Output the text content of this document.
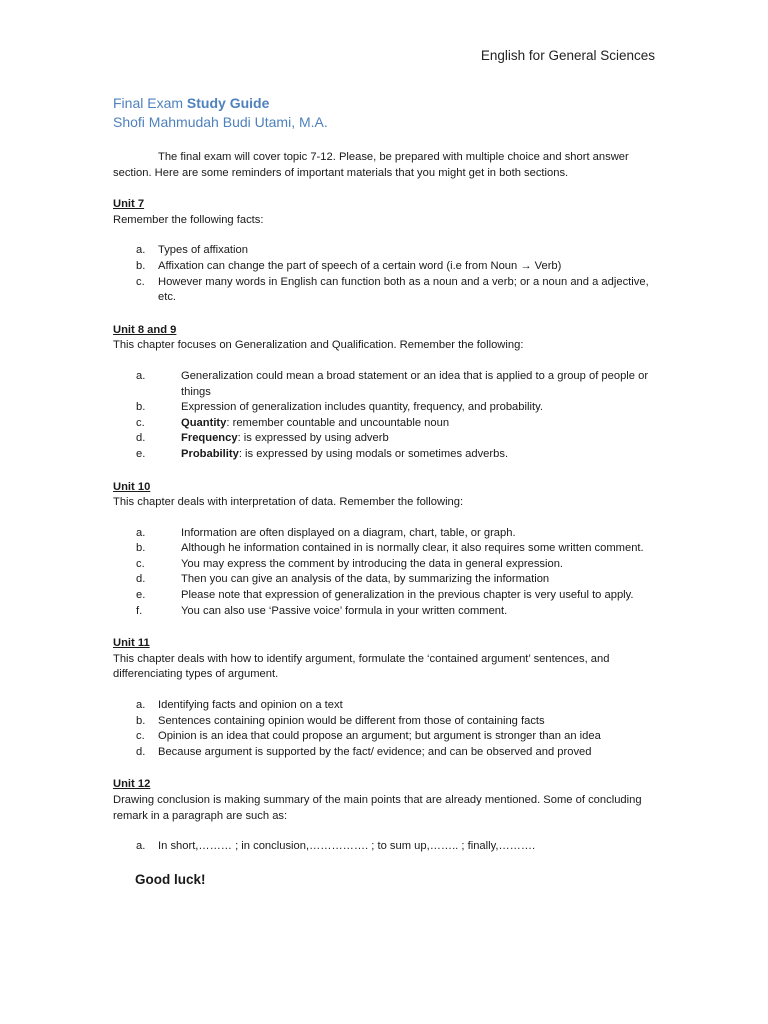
English for General Sciences
Final Exam Study Guide
Shofi Mahmudah Budi Utami, M.A.

The final exam will cover topic 7-12. Please, be prepared with multiple choice and short answer section. Here are some reminders of important materials that you might get in both sections.

Unit 7

Remember the following facts:

a.	Types of affixation
b.	Affixation can change the part of speech of a certain word (i.e from Noun → Verb)
c.	However many words in English can function both as a noun and a verb; or a noun and a adjective, etc.

Unit 8 and 9

This chapter focuses on Generalization and Qualification. Remember the following:

a.	Generalization could mean a broad statement or an idea that is applied to a group of people or things
b.	Expression of generalization includes quantity, frequency, and probability.
c.	Quantity: remember countable and uncountable noun
d.	Frequency: is expressed by using adverb
e.	Probability: is expressed by using modals or sometimes adverbs.

Unit 10

This chapter deals with interpretation of data. Remember the following:

a.	Information are often displayed on a diagram, chart, table, or graph.
b.	Although he information contained in is normally clear, it also requires some written comment.
c.	You may express the comment by introducing the data in general expression.
d.	Then you can give an analysis of the data, by summarizing the information
e.	Please note that expression of generalization in the previous chapter is very useful to apply.
f.	You can also use ‘Passive voice’ formula in your written comment.

Unit 11

This chapter deals with how to identify argument, formulate the ‘contained argument’ sentences, and differenciating types of argument.

a.	Identifying facts and opinion on a text
b.	Sentences containing opinion would be different from those of containing facts
c.	Opinion is an idea that could propose an argument; but argument is stronger than an idea
d.	Because argument is supported by the fact/ evidence; and can be observed and proved

Unit 12

Drawing conclusion is making summary of the main points that are already mentioned. Some of concluding remark in a paragraph are such as:

a.	In short,……… ; in conclusion,……………. ; to sum up,…….. ; finally,……….
Good luck!
